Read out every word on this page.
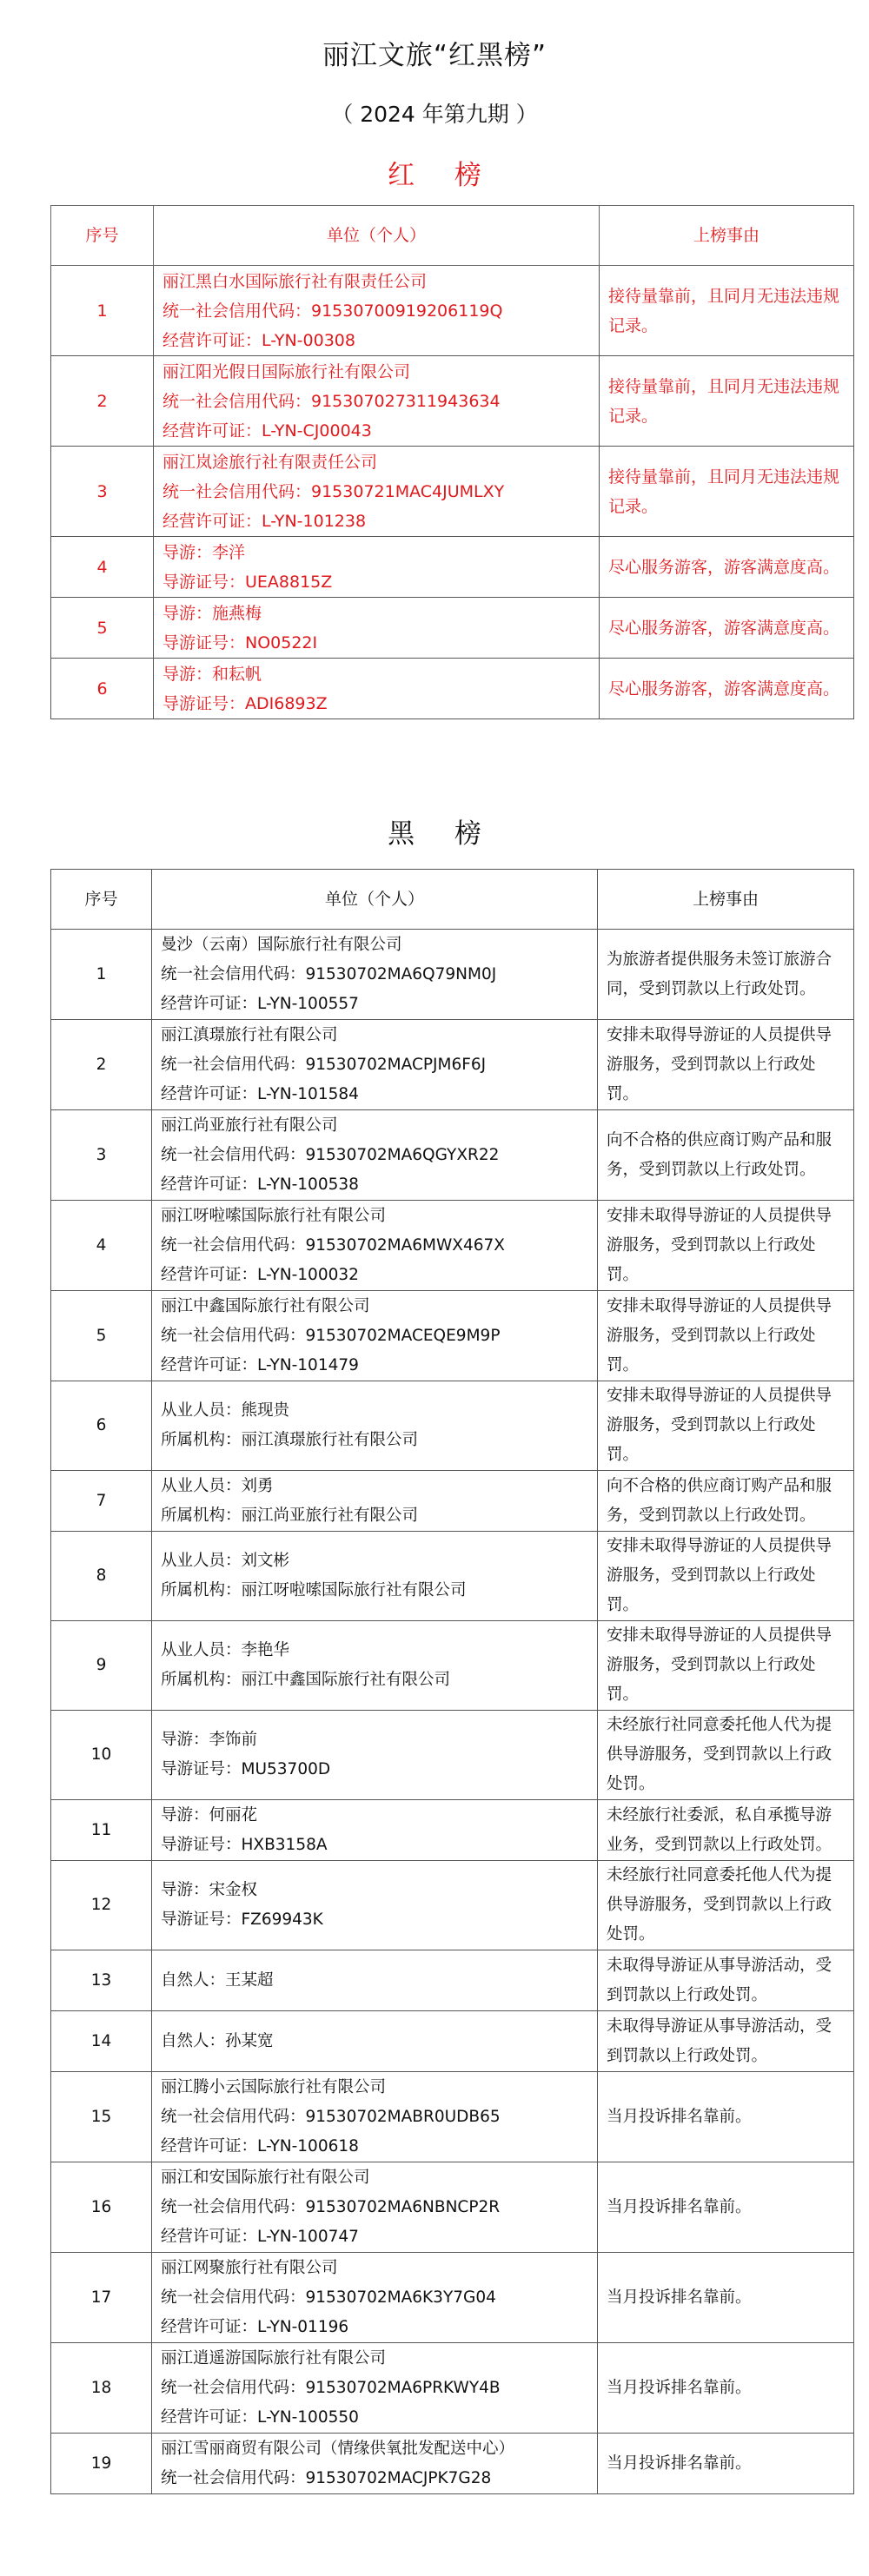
丽江文旅“红黑榜”
（ 2024 年第九期 ）
红 榜
序号	单位（个人）	上榜事由
1	丽江黑白水国际旅行社有限责任公司
统一社会信用代码：91530700919206119Q
经营许可证：L-YN-00308	接待量靠前，且同月无违法违规记录。
2	丽江阳光假日国际旅行社有限公司
统一社会信用代码：915307027311943634
经营许可证：L-YN-CJ00043	接待量靠前，且同月无违法违规记录。
3	丽江岚途旅行社有限责任公司
统一社会信用代码：91530721MAC4JUMLXY
经营许可证：L-YN-101238	接待量靠前，且同月无违法违规记录。
4	导游：李洋
导游证号：UEA8815Z	尽心服务游客，游客满意度高。
5	导游：施燕梅
导游证号：NO0522I	尽心服务游客，游客满意度高。
6	导游：和耘帆
导游证号：ADI6893Z	尽心服务游客，游客满意度高。
黑 榜
序号	单位（个人）	上榜事由
1	曼沙（云南）国际旅行社有限公司
统一社会信用代码：91530702MA6Q79NM0J
经营许可证：L-YN-100557	为旅游者提供服务未签订旅游合同，受到罚款以上行政处罚。
2	丽江滇璟旅行社有限公司
统一社会信用代码：91530702MACPJM6F6J
经营许可证：L-YN-101584	安排未取得导游证的人员提供导游服务，受到罚款以上行政处罚。
3	丽江尚亚旅行社有限公司
统一社会信用代码：91530702MA6QGYXR22
经营许可证：L-YN-100538	向不合格的供应商订购产品和服务，受到罚款以上行政处罚。
4	丽江呀啦嗦国际旅行社有限公司
统一社会信用代码：91530702MA6MWX467X
经营许可证：L-YN-100032	安排未取得导游证的人员提供导游服务，受到罚款以上行政处罚。
5	丽江中鑫国际旅行社有限公司
统一社会信用代码：91530702MACEQE9M9P
经营许可证：L-YN-101479	安排未取得导游证的人员提供导游服务，受到罚款以上行政处罚。
6	从业人员：熊现贵
所属机构：丽江滇璟旅行社有限公司	安排未取得导游证的人员提供导游服务，受到罚款以上行政处罚。
7	从业人员：刘勇
所属机构：丽江尚亚旅行社有限公司	向不合格的供应商订购产品和服务，受到罚款以上行政处罚。
8	从业人员：刘文彬
所属机构：丽江呀啦嗦国际旅行社有限公司	安排未取得导游证的人员提供导游服务，受到罚款以上行政处罚。
9	从业人员：李艳华
所属机构：丽江中鑫国际旅行社有限公司	安排未取得导游证的人员提供导游服务，受到罚款以上行政处罚。
10	导游：李饰前
导游证号：MU53700D	未经旅行社同意委托他人代为提供导游服务，受到罚款以上行政处罚。
11	导游：何丽花
导游证号：HXB3158A	未经旅行社委派，私自承揽导游业务，受到罚款以上行政处罚。
12	导游：宋金权
导游证号：FZ69943K	未经旅行社同意委托他人代为提供导游服务，受到罚款以上行政处罚。
13	自然人：王某超	未取得导游证从事导游活动，受到罚款以上行政处罚。
14	自然人：孙某宽	未取得导游证从事导游活动，受到罚款以上行政处罚。
15	丽江腾小云国际旅行社有限公司
统一社会信用代码：91530702MABR0UDB65
经营许可证：L-YN-100618	当月投诉排名靠前。
16	丽江和安国际旅行社有限公司
统一社会信用代码：91530702MA6NBNCP2R
经营许可证：L-YN-100747	当月投诉排名靠前。
17	丽江网聚旅行社有限公司
统一社会信用代码：91530702MA6K3Y7G04
经营许可证：L-YN-01196	当月投诉排名靠前。
18	丽江逍遥游国际旅行社有限公司
统一社会信用代码：91530702MA6PRKWY4B
经营许可证：L-YN-100550	当月投诉排名靠前。
19	丽江雪丽商贸有限公司（情缘供氧批发配送中心）
统一社会信用代码：91530702MACJPK7G28	当月投诉排名靠前。
